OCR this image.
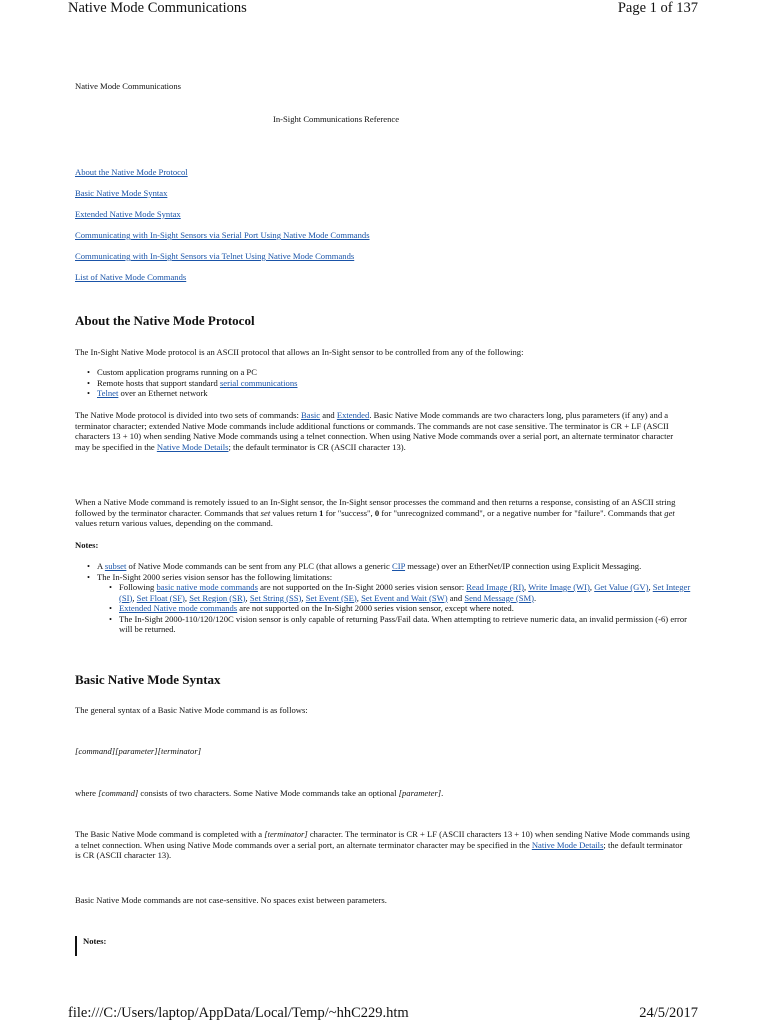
Native Mode Communications	Page 1 of 137
Native Mode Communications
In-Sight Communications Reference
About the Native Mode Protocol
Basic Native Mode Syntax
Extended Native Mode Syntax
Communicating with In-Sight Sensors via Serial Port Using Native Mode Commands
Communicating with In-Sight Sensors via Telnet Using Native Mode Commands
List of Native Mode Commands
About the Native Mode Protocol

The In-Sight Native Mode protocol is an ASCII protocol that allows an In-Sight sensor to be controlled from any of the following:

• Custom application programs running on a PC
• Remote hosts that support standard serial communications
• Telnet over an Ethernet network

The Native Mode protocol is divided into two sets of commands: Basic and Extended. Basic Native Mode commands are two characters long, plus parameters (if any) and a terminator character; extended Native Mode commands include additional functions or commands. The commands are not case sensitive. The terminator is CR + LF (ASCII characters 13 + 10) when sending Native Mode commands using a telnet connection. When using Native Mode commands over a serial port, an alternate terminator character may be specified in the Native Mode Details; the default terminator is CR (ASCII character 13).

When a Native Mode command is remotely issued to an In-Sight sensor, the In-Sight sensor processes the command and then returns a response, consisting of an ASCII string followed by the terminator character. Commands that set values return 1 for "success", 0 for "unrecognized command", or a negative number for "failure". Commands that get values return various values, depending on the command.

Notes:

• A subset of Native Mode commands can be sent from any PLC (that allows a generic CIP message) over an EtherNet/IP connection using Explicit Messaging.
• The In-Sight 2000 series vision sensor has the following limitations:
• Following basic native mode commands are not supported on the In-Sight 2000 series vision sensor: Read Image (RI), Write Image (WI), Get Value (GV), Set Integer (SI), Set Float (SF), Set Region (SR), Set String (SS), Set Event (SE), Set Event and Wait (SW) and Send Message (SM).
• Extended Native mode commands are not supported on the In-Sight 2000 series vision sensor, except where noted.
• The In-Sight 2000-110/120/120C vision sensor is only capable of returning Pass/Fail data. When attempting to retrieve numeric data, an invalid permission (-6) error will be returned.
Basic Native Mode Syntax

The general syntax of a Basic Native Mode command is as follows:

[command][parameter][terminator]

where [command] consists of two characters. Some Native Mode commands take an optional [parameter].

The Basic Native Mode command is completed with a [terminator] character. The terminator is CR + LF (ASCII characters 13 + 10) when sending Native Mode commands using a telnet connection. When using Native Mode commands over a serial port, an alternate terminator character may be specified in the Native Mode Details; the default terminator is CR (ASCII character 13).

Basic Native Mode commands are not case-sensitive. No spaces exist between parameters.

Notes:
file:///C:/Users/laptop/AppData/Local/Temp/~hhC229.htm	24/5/2017
